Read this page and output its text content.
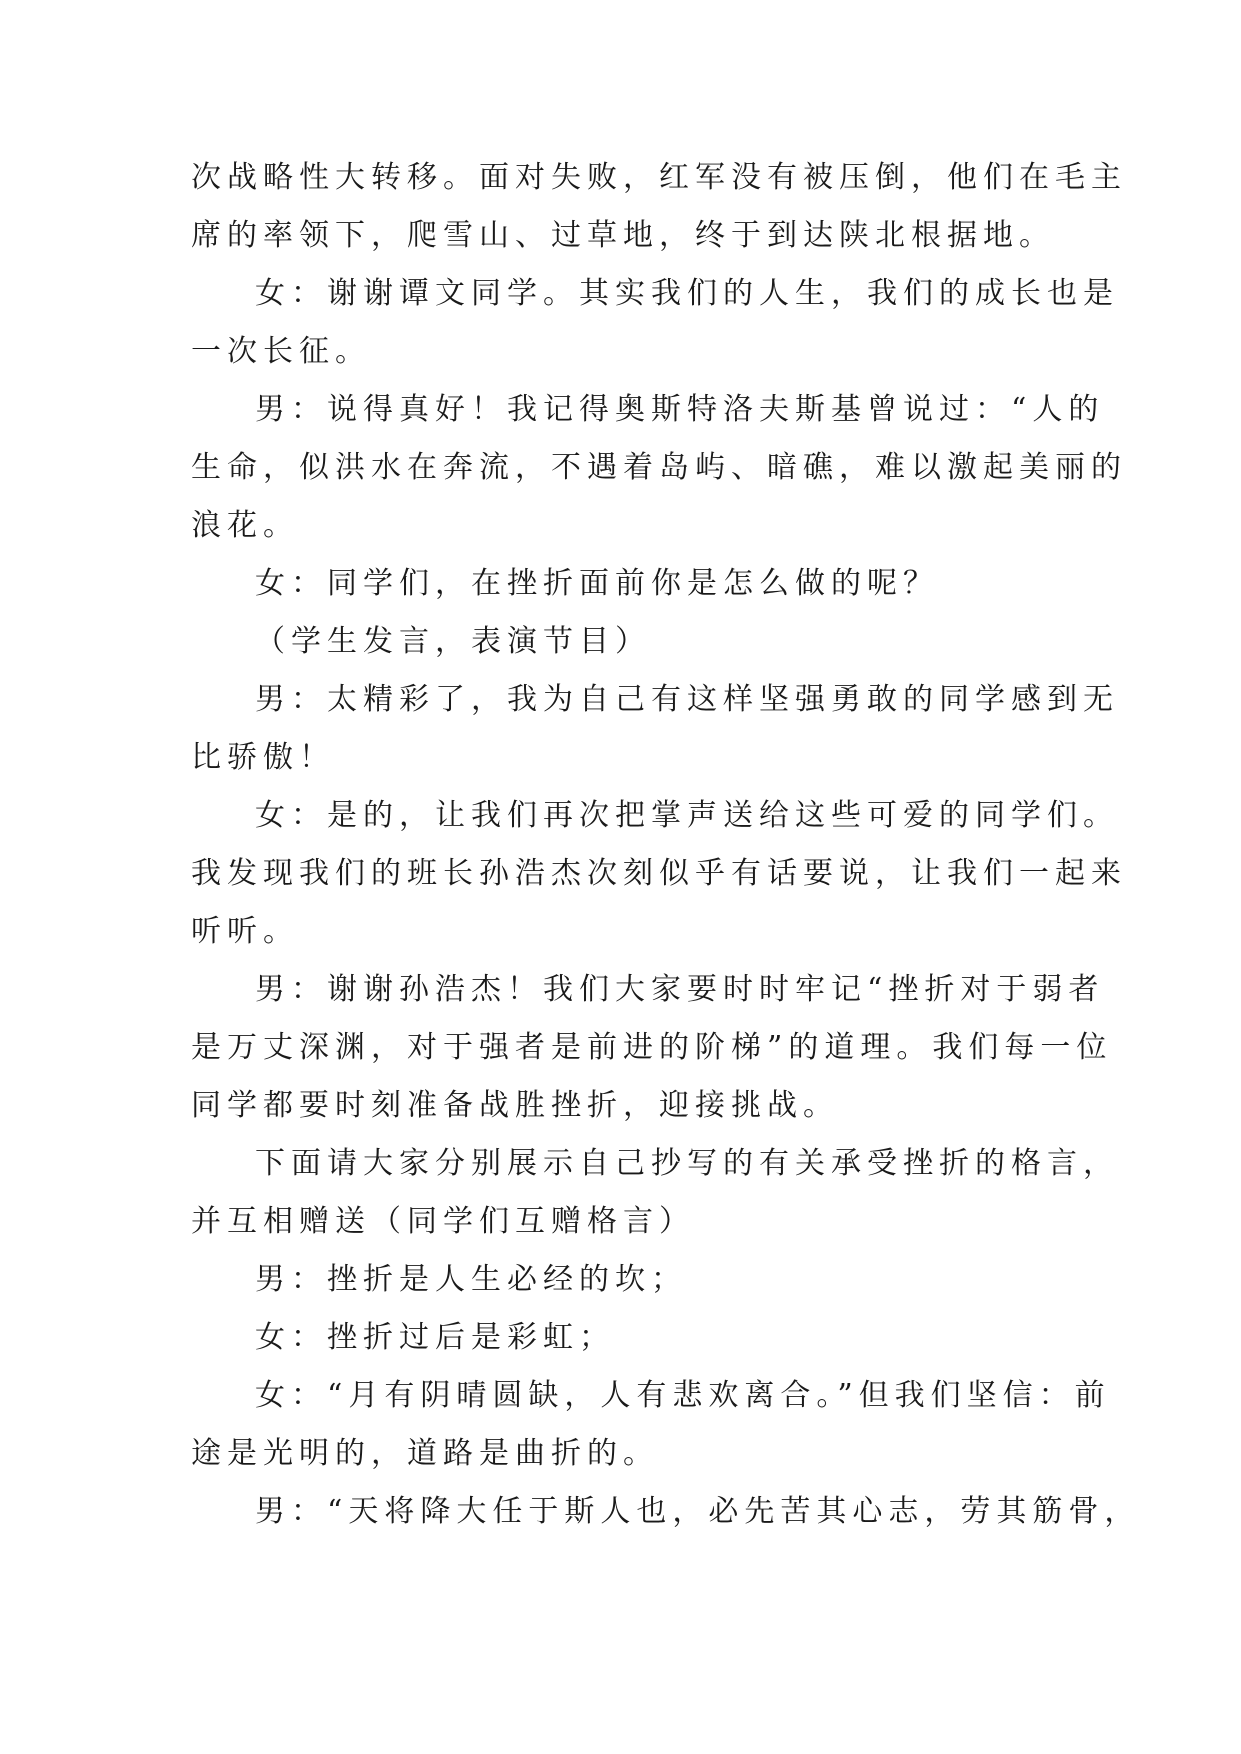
次战略性大转移。面对失败，红军没有被压倒，他们在毛主
席的率领下，爬雪山、过草地，终于到达陕北根据地。
女：谢谢谭文同学。其实我们的人生，我们的成长也是
一次长征。
男：说得真好！我记得奥斯特洛夫斯基曾说过：“人的
生命，似洪水在奔流，不遇着岛屿、暗礁，难以激起美丽的
浪花。
女：同学们，在挫折面前你是怎么做的呢？
（学生发言，表演节目）
男：太精彩了，我为自己有这样坚强勇敢的同学感到无
比骄傲！
女：是的，让我们再次把掌声送给这些可爱的同学们。
我发现我们的班长孙浩杰次刻似乎有话要说，让我们一起来
听听。
男：谢谢孙浩杰！我们大家要时时牢记“挫折对于弱者
是万丈深渊，对于强者是前进的阶梯”的道理。我们每一位
同学都要时刻准备战胜挫折，迎接挑战。
下面请大家分别展示自己抄写的有关承受挫折的格言，
并互相赠送（同学们互赠格言）
男：挫折是人生必经的坎；
女：挫折过后是彩虹；
女：“月有阴晴圆缺，人有悲欢离合。”但我们坚信：前
途是光明的，道路是曲折的。
男：“天将降大任于斯人也，必先苦其心志，劳其筋骨，
